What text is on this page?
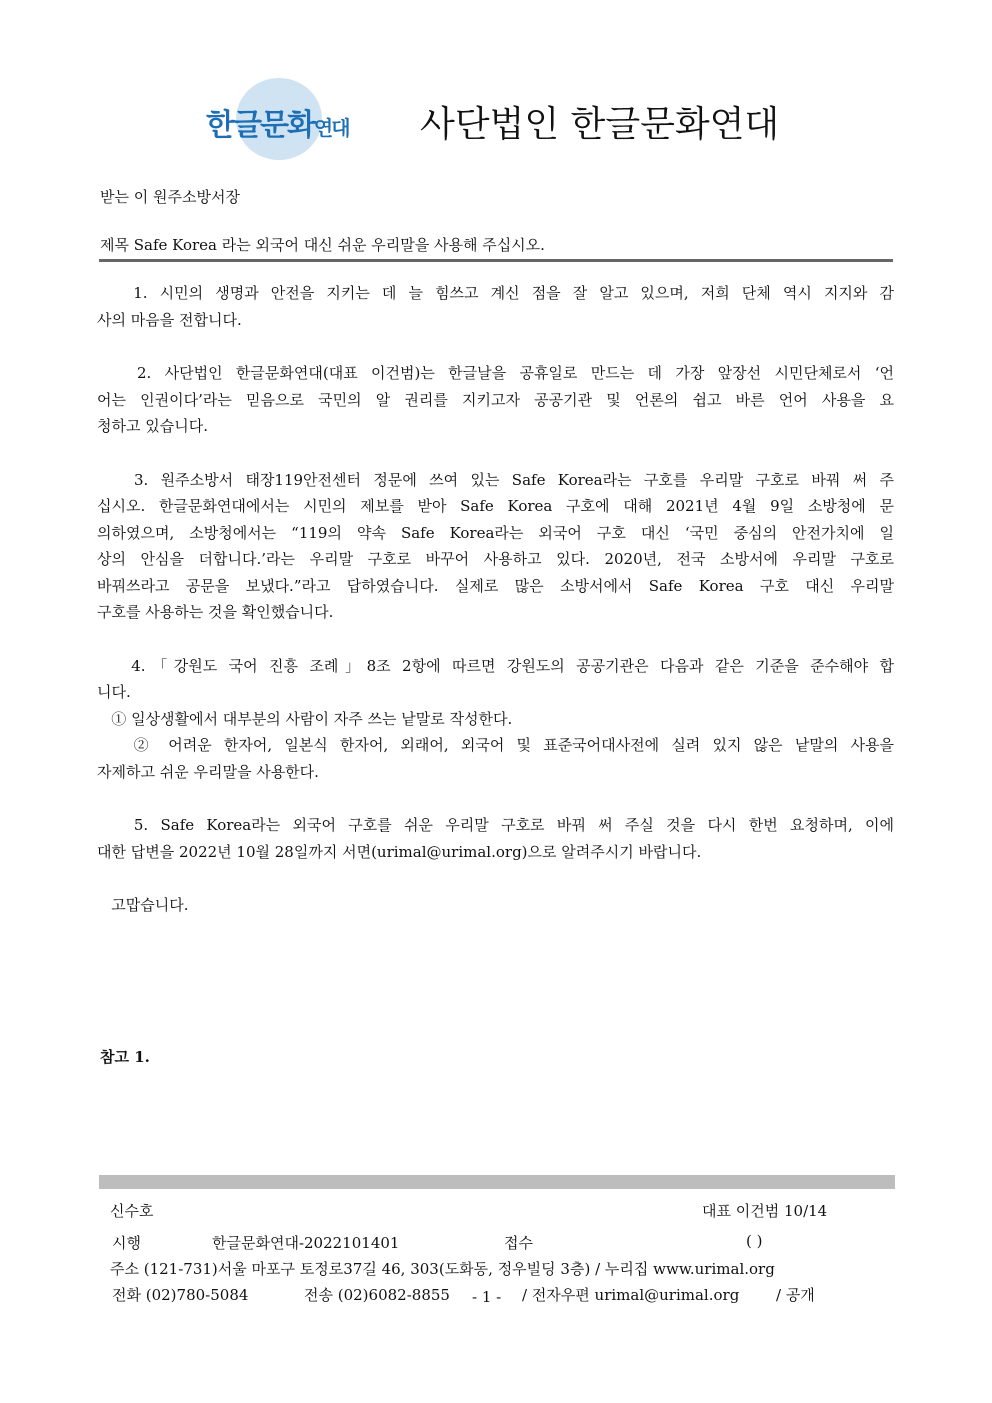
한글문화연대 사단법인 한글문화연대
받는 이 원주소방서장
제목 Safe Korea 라는 외국어 대신 쉬운 우리말을 사용해 주십시오.
1. 시민의 생명과 안전을 지키는 데 늘 힘쓰고 계신 점을 잘 알고 있으며, 저희 단체 역시 지지와 감
사의 마음을 전합니다.
2. 사단법인 한글문화연대(대표 이건범)는 한글날을 공휴일로 만드는 데 가장 앞장선 시민단체로서 ‘언
어는 인권이다’라는 믿음으로 국민의 알 권리를 지키고자 공공기관 및 언론의 쉽고 바른 언어 사용을 요
청하고 있습니다.
3. 원주소방서 태장119안전센터 정문에 쓰여 있는 Safe Korea라는 구호를 우리말 구호로 바꿔 써 주
십시오. 한글문화연대에서는 시민의 제보를 받아 Safe Korea 구호에 대해 2021년 4월 9일 소방청에 문
의하였으며, 소방청에서는 “119의 약속 Safe Korea라는 외국어 구호 대신 ‘국민 중심의 안전가치에 일
상의 안심을 더합니다.’라는 우리말 구호로 바꾸어 사용하고 있다. 2020년, 전국 소방서에 우리말 구호로
바꿔쓰라고 공문을 보냈다.”라고 답하였습니다. 실제로 많은 소방서에서 Safe Korea 구호 대신 우리말
구호를 사용하는 것을 확인했습니다.
4.「강원도 국어 진흥 조례」8조 2항에 따르면 강원도의 공공기관은 다음과 같은 기준을 준수해야 합
니다.
① 일상생활에서 대부분의 사람이 자주 쓰는 낱말로 작성한다.
② 어려운 한자어, 일본식 한자어, 외래어, 외국어 및 표준국어대사전에 실려 있지 않은 낱말의 사용을
자제하고 쉬운 우리말을 사용한다.
5. Safe Korea라는 외국어 구호를 쉬운 우리말 구호로 바꿔 써 주실 것을 다시 한번 요청하며, 이에
대한 답변을 2022년 10월 28일까지 서면(urimal@urimal.org)으로 알려주시기 바랍니다.
고맙습니다.
참고 1.
신수호	대표 이건범 10/14
시행	한글문화연대-2022101401	접수	( )
주소 (121-731)서울 마포구 토정로37길 46, 303(도화동, 정우빌딩 3층) / 누리집 www.urimal.org
전화 (02)780-5084	전송 (02)6082-8855 - 1 - / 전자우편 urimal@urimal.org / 공개
